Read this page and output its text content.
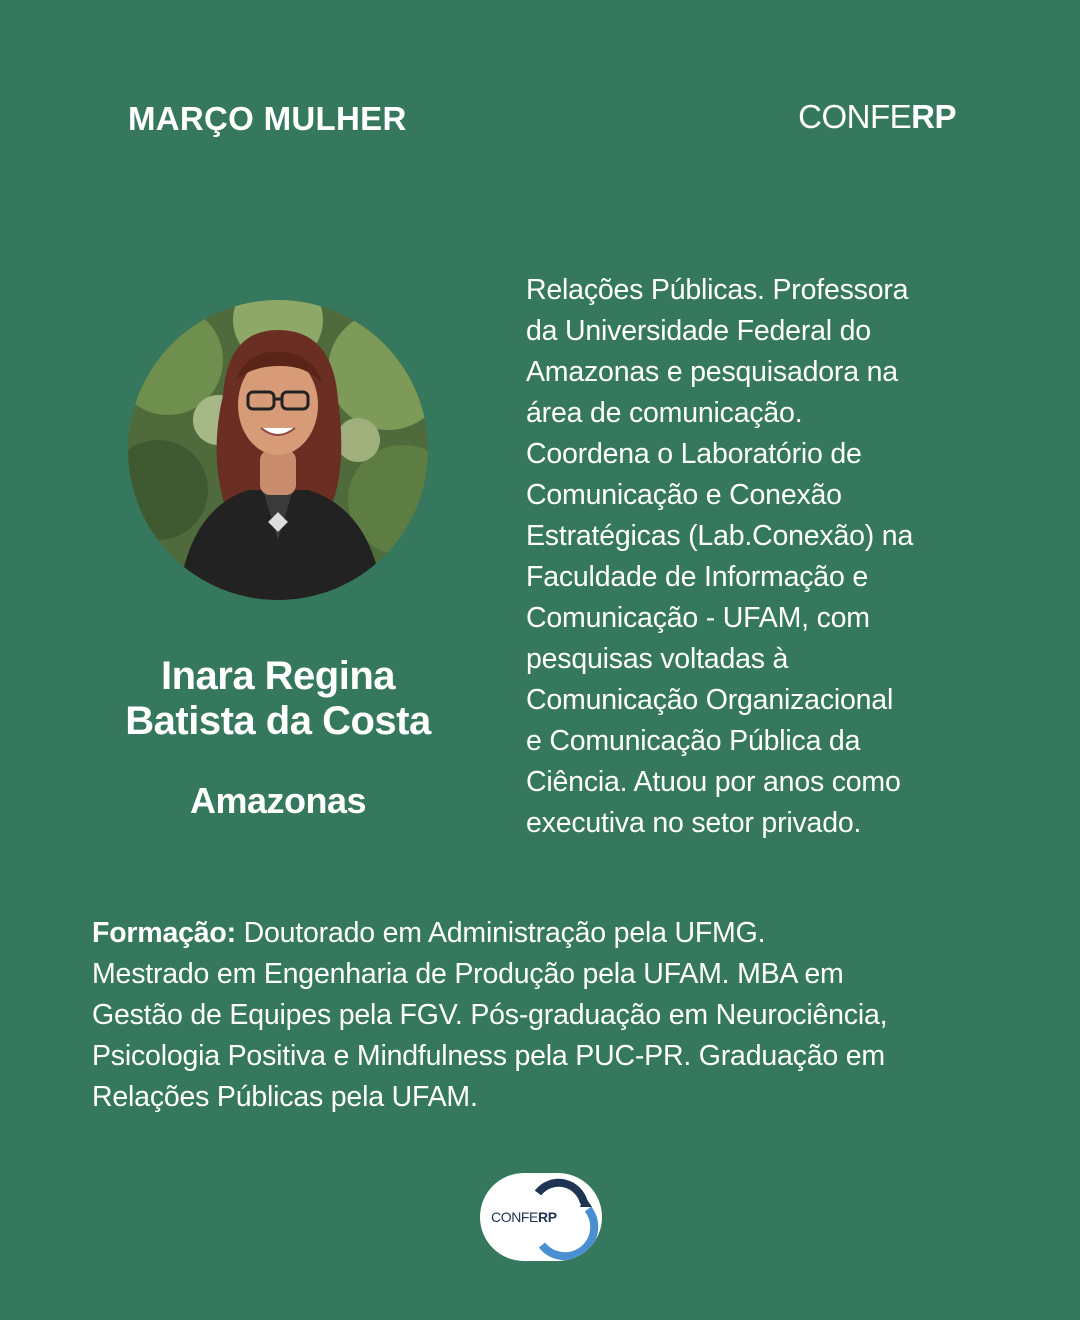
MARÇO MULHER	CONFERP
Inara Regina
Batista da Costa
Amazonas
Relações Públicas. Professora
da Universidade Federal do
Amazonas e pesquisadora na
área de comunicação.
Coordena o Laboratório de
Comunicação e Conexão
Estratégicas (Lab.Conexão) na
Faculdade de Informação e
Comunicação - UFAM, com
pesquisas voltadas à
Comunicação Organizacional
e Comunicação Pública da
Ciência. Atuou por anos como
executiva no setor privado.
Formação: Doutorado em Administração pela UFMG.
Mestrado em Engenharia de Produção pela UFAM. MBA em
Gestão de Equipes pela FGV. Pós-graduação em Neurociência,
Psicologia Positiva e Mindfulness pela PUC-PR. Graduação em
Relações Públicas pela UFAM.
CONFERP
